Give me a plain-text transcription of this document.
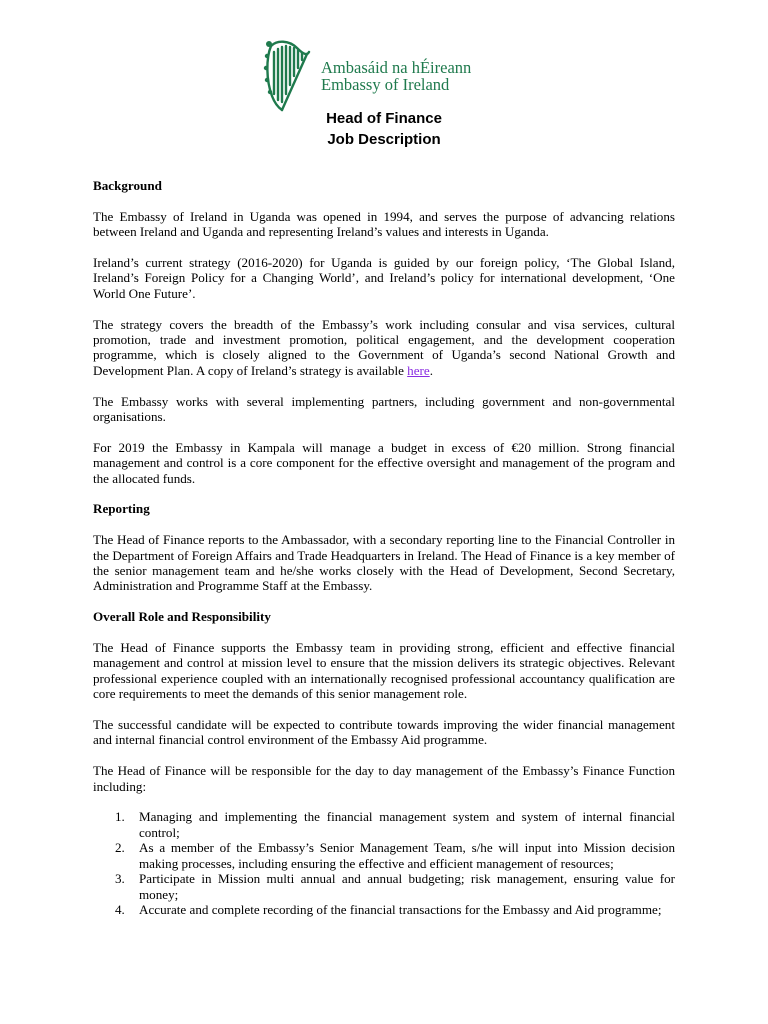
Ambasáid na hÉireann
Embassy of Ireland
Head of Finance
Job Description
Background

The Embassy of Ireland in Uganda was opened in 1994, and serves the purpose of advancing relations between Ireland and Uganda and representing Ireland’s values and interests in Uganda.

Ireland’s current strategy (2016-2020) for Uganda is guided by our foreign policy, ‘The Global Island, Ireland’s Foreign Policy for a Changing World’, and Ireland’s policy for international development, ‘One World One Future’.

The strategy covers the breadth of the Embassy’s work including consular and visa services, cultural promotion, trade and investment promotion, political engagement, and the development cooperation programme, which is closely aligned to the Government of Uganda’s second National Growth and Development Plan. A copy of Ireland’s strategy is available here.

The Embassy works with several implementing partners, including government and non-governmental organisations.

For 2019 the Embassy in Kampala will manage a budget in excess of €20 million. Strong financial management and control is a core component for the effective oversight and management of the program and the allocated funds.

Reporting

The Head of Finance reports to the Ambassador, with a secondary reporting line to the Financial Controller in the Department of Foreign Affairs and Trade Headquarters in Ireland. The Head of Finance is a key member of the senior management team and he/she works closely with the Head of Development, Second Secretary, Administration and Programme Staff at the Embassy.

Overall Role and Responsibility

The Head of Finance supports the Embassy team in providing strong, efficient and effective financial management and control at mission level to ensure that the mission delivers its strategic objectives. Relevant professional experience coupled with an internationally recognised professional accountancy qualification are core requirements to meet the demands of this senior management role.

The successful candidate will be expected to contribute towards improving the wider financial management and internal financial control environment of the Embassy Aid programme.

The Head of Finance will be responsible for the day to day management of the Embassy’s Finance Function including:

1. Managing and implementing the financial management system and system of internal financial control;
2. As a member of the Embassy’s Senior Management Team, s/he will input into Mission decision making processes, including ensuring the effective and efficient management of resources;
3. Participate in Mission multi annual and annual budgeting; risk management, ensuring value for money;
4. Accurate and complete recording of the financial transactions for the Embassy and Aid programme;
